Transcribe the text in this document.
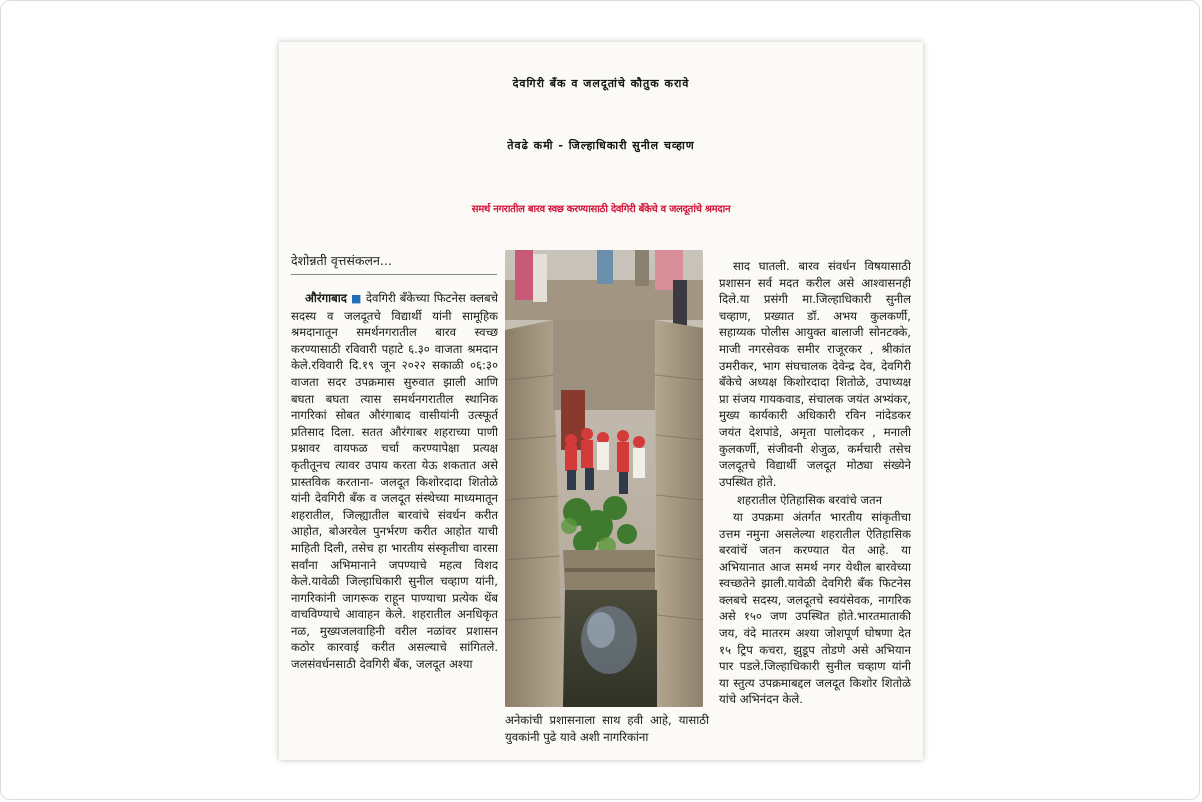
देवगिरी बँक व जलदूतांचे कौतुक करावे
तेवढे कमी - जिल्हाधिकारी सुनील चव्हाण
समर्थ नगरातील बारव स्वछ करण्यासाठी देवगिरी बँकेचे व जलदूतांचे श्रमदान
देशोन्नती वृत्तसंकलन...
औरंगाबाद ■ देवगिरी बँकेच्या फिटनेस क्लबचे सदस्य व जलदूतचे विद्यार्थी यांनी सामूहिक श्रमदानातून समर्थनगरातील बारव स्वच्छ करण्यासाठी रविवारी पहाटे ६.३० वाजता श्रमदान केले.रविवारी दि.१९ जून २०२२ सकाळी ०६:३० वाजता सदर उपक्रमास सुरुवात झाली आणि बघता बघता त्यास समर्थनगरातील स्थानिक नागरिकां सोबत औरंगाबाद वासीयांनी उत्स्फूर्त प्रतिसाद दिला. सतत औरंगाबर शहराच्या पाणी प्रश्नावर वायफळ चर्चा करण्यापेक्षा प्रत्यक्ष कृतीतूनच त्यावर उपाय करता येऊ शकतात असे प्रास्तविक करताना- जलदूत किशोरदादा शितोळे यांनी देवगिरी बँक व जलदूत संस्थेच्या माध्यमातून शहरातील, जिल्ह्यातील बारवांचे संवर्धन करीत आहोत, बोअरवेल पुनर्भरण करीत आहोत याची माहिती दिली, तसेच हा भारतीय संस्कृतीचा वारसा सर्वांना अभिमानाने जपण्याचे महत्व विशद केले.यावेळी जिल्हाधिकारी सुनील चव्हाण यांनी, नागरिकांनी जागरूक राहून पाण्याचा प्रत्येक थेंब वाचविण्याचे आवाहन केले. शहरातील अनधिकृत नळ, मुख्यजलवाहिनी वरील नळांवर प्रशासन कठोर कारवाई करीत असल्याचे सांगितले. जलसंवर्धनसाठी देवगिरी बँक, जलदूत अश्या
अनेकांची प्रशासनाला साथ हवी आहे, यासाठी युवकांनी पुढे यावे अशी नागरिकांना
साद घातली. बारव संवर्धन विषयासाठी प्रशासन सर्व मदत करील असे आश्वासनही दिले.या प्रसंगी मा.जिल्हाधिकारी सुनील चव्हाण, प्रख्यात डॉ. अभय कुलकर्णी, सहाय्यक पोलीस आयुक्त बालाजी सोनटक्के, माजी नगरसेवक समीर राजूरकर , श्रीकांत उमरीकर, भाग संघचालक देवेन्द्र देव, देवगिरी बँकेचे अध्यक्ष किशोरदादा शितोळे, उपाध्यक्ष प्रा संजय गायकवाड, संचालक जयंत अभ्यंकर, मुख्य कार्यकारी अधिकारी रविन नांदेडकर जयंत देशपांडे, अमृता पालोदकर , मनाली कुलकर्णी, संजीवनी शेजुळ, कर्मचारी तसेच जलदूतचे विद्यार्थी जलदूत मोठ्या संख्येने उपस्थित होते.
शहरातील ऐतिहासिक बरवांचे जतन
या उपक्रमा अंतर्गत भारतीय सांकृतीचा उत्तम नमुना असलेल्या शहरातील ऐतिहासिक बरवांचें जतन करण्यात येत आहे. या अभियानात आज समर्थ नगर येथील बारवेच्या स्वच्छतेने झाली.यावेळी देवगिरी बँक फिटनेस क्लबचे सदस्य, जलदूतचे स्वयंसेवक, नागरिक असे १५० जण उपस्थित होते.भारतमाताकी जय, वंदे मातरम अश्या जोशपूर्ण घोषणा देत १५ ट्रिप कचरा, झुडूप तोडणे असे अभियान पार पडले.जिल्हाधिकारी सुनील चव्हाण यांनी या स्तुत्य उपक्रमाबद्दल जलदूत किशोर शितोळे यांचे अभिनंदन केले.
